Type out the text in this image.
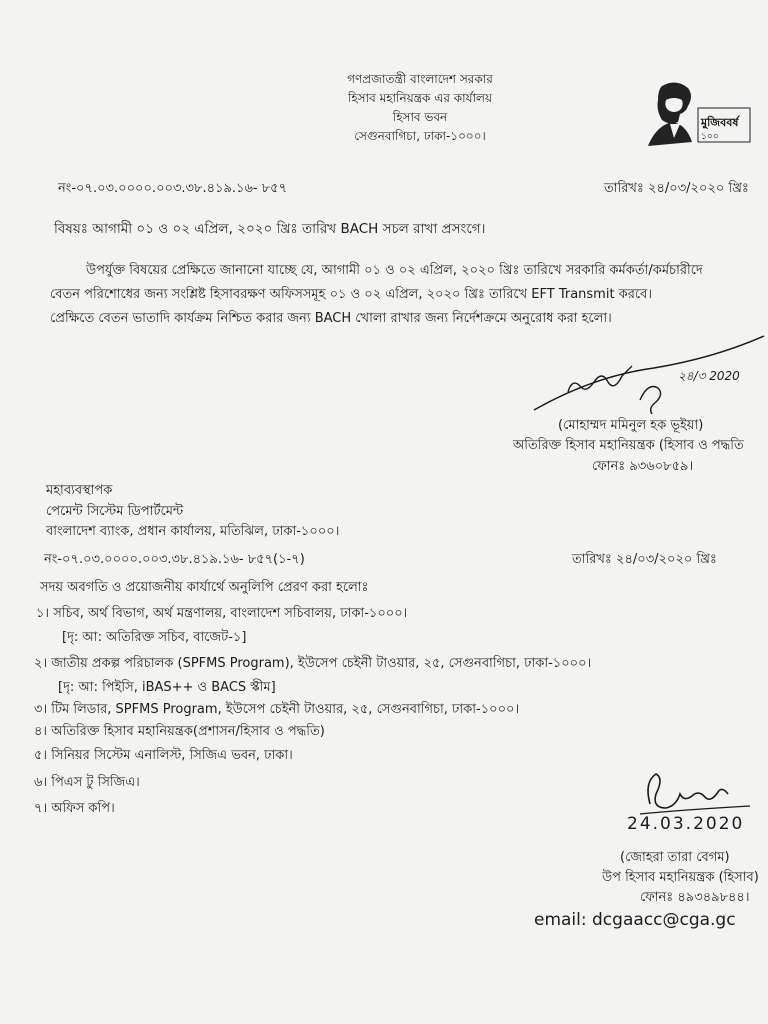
গণপ্রজাতন্ত্রী বাংলাদেশ সরকার
হিসাব মহানিয়ন্ত্রক এর কার্যালয়
হিসাব ভবন
সেগুনবাগিচা, ঢাকা-১০০০।
মুজিববর্ষ
১০০
নং-০৭.০৩.০০০০.০০৩.৩৮.৪১৯.১৬- ৮৫৭	তারিখঃ ২৪/০৩/২০২০ খ্রিঃ
বিষয়ঃ আগামী ০১ ও ০২ এপ্রিল, ২০২০ খ্রিঃ তারিখ BACH সচল রাখা প্রসংগে।
উপর্যুক্ত বিষয়ের প্রেক্ষিতে জানানো যাচ্ছে যে, আগামী ০১ ও ০২ এপ্রিল, ২০২০ খ্রিঃ তারিখে সরকারি কর্মকর্তা/কর্মচারীদে
বেতন পরিশোধের জন্য সংশ্লিষ্ট হিসাবরক্ষণ অফিসসমূহ ০১ ও ০২ এপ্রিল, ২০২০ খ্রিঃ তারিখে EFT Transmit করবে।
প্রেক্ষিতে বেতন ভাতাদি কার্যক্রম নিশ্চিত করার জন্য BACH খোলা রাখার জন্য নির্দেশক্রমে অনুরোধ করা হলো।
২৪/৩ 2020
(মোহাম্মদ মমিনুল হক ভূইয়া)
অতিরিক্ত হিসাব মহানিয়ন্ত্রক (হিসাব ও পদ্ধতি
ফোনঃ ৯৩৬০৮৫৯।
মহাব্যবস্থাপক
পেমেন্ট সিস্টেম ডিপার্টমেন্ট
বাংলাদেশ ব্যাংক, প্রধান কার্যালয়, মতিঝিল, ঢাকা-১০০০।
নং-০৭.০৩.০০০০.০০৩.৩৮.৪১৯.১৬- ৮৫৭(১-৭)	তারিখঃ ২৪/০৩/২০২০ খ্রিঃ
সদয় অবগতি ও প্রয়োজনীয় কার্যার্থে অনুলিপি প্রেরণ করা হলোঃ
১। সচিব, অর্থ বিভাগ, অর্থ মন্ত্রণালয়, বাংলাদেশ সচিবালয়, ঢাকা-১০০০।
[দৃ: আ: অতিরিক্ত সচিব, বাজেট-১]
২। জাতীয় প্রকল্প পরিচালক (SPFMS Program), ইউসেপ চেইনী টাওয়ার, ২৫, সেগুনবাগিচা, ঢাকা-১০০০।
[দৃ: আ: পিইসি, iBAS++ ও BACS স্কীম]
৩। টিম লিডার, SPFMS Program, ইউসেপ চেইনী টাওয়ার, ২৫, সেগুনবাগিচা, ঢাকা-১০০০।
৪। অতিরিক্ত হিসাব মহানিয়ন্ত্রক(প্রশাসন/হিসাব ও পদ্ধতি)
৫। সিনিয়র সিস্টেম এনালিস্ট, সিজিএ ভবন, ঢাকা।
৬। পিএস টু সিজিএ।
৭। অফিস কপি।
24.03.2020
(জোহরা তারা বেগম)
উপ হিসাব মহানিয়ন্ত্রক (হিসাব)
ফোনঃ ৪৯৩৪৯৮৪৪।
email: dcgaacc@cga.gc
